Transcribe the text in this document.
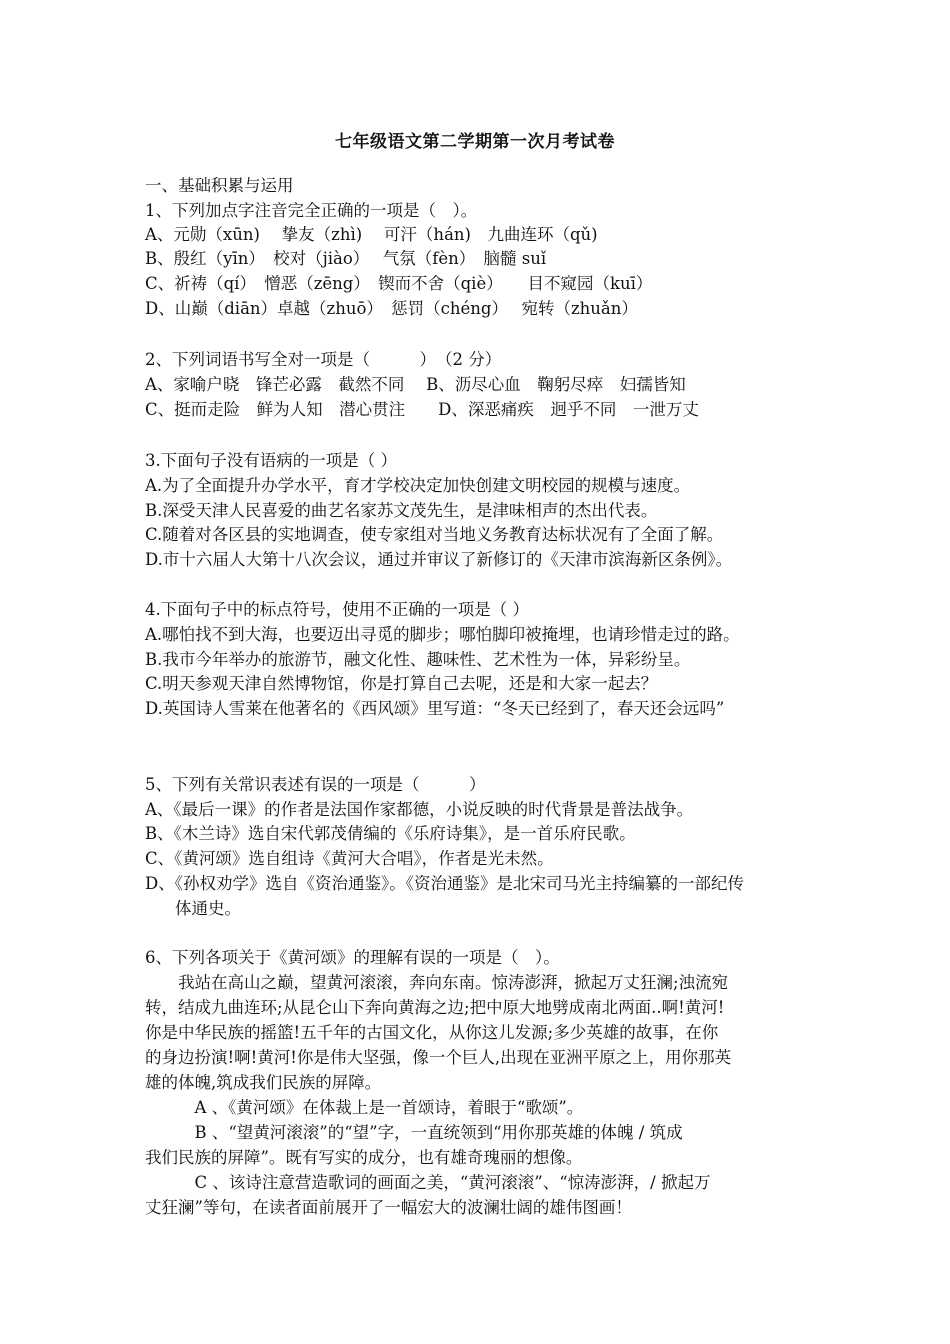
七年级语文第二学期第一次月考试卷
一、基础积累与运用
1、下列加点字注音完全正确的一项是（　）。
A、元勋（xūn)　 挚友（zhì)　 可汗（hán)　九曲连环（qǔ)
B、殷红（yīn）　校对（jiào）　 气氛（fèn）　脑髓 suǐ
C、祈祷（qí）　憎恶（zēng）　锲而不舍（qiè）　　目不窥园（kuī）
D、山巅（diān）卓越（zhuō）　惩罚（chéng）　 宛转（zhuǎn）
2、下列词语书写全对一项是（　　　）　（2 分）
A、家喻户晓　锋芒必露　截然不同　 B、沥尽心血　鞠躬尽瘁　妇孺皆知
C、挺而走险　鲜为人知　潜心贯注　　D、深恶痛疾　迥乎不同　一泄万丈
3.下面句子没有语病的一项是（ ）
A.为了全面提升办学水平，育才学校决定加快创建文明校园的规模与速度。
B.深受天津人民喜爱的曲艺名家苏文茂先生，是津味相声的杰出代表。
C.随着对各区县的实地调查，使专家组对当地义务教育达标状况有了全面了解。
D.市十六届人大第十八次会议，通过并审议了新修订的《天津市滨海新区条例》。
4.下面句子中的标点符号，使用不正确的一项是（ ）
A.哪怕找不到大海，也要迈出寻觅的脚步；哪怕脚印被掩埋，也请珍惜走过的路。
B.我市今年举办的旅游节，融文化性、趣味性、艺术性为一体，异彩纷呈。
C.明天参观天津自然博物馆，你是打算自己去呢，还是和大家一起去？
D.英国诗人雪莱在他著名的《西风颂》里写道：“冬天已经到了，春天还会远吗”
5、下列有关常识表述有误的一项是（　　　）
A、《最后一课》的作者是法国作家都德，小说反映的时代背景是普法战争。
B、《木兰诗》选自宋代郭茂倩编的《乐府诗集》，是一首乐府民歌。
C、《黄河颂》选自组诗《黄河大合唱》，作者是光未然。
D、《孙权劝学》选自《资治通鉴》。《资治通鉴》是北宋司马光主持编纂的一部纪传
体通史。
6、下列各项关于《黄河颂》的理解有误的一项是（　）。
　　我站在高山之巅，望黄河滚滚，奔向东南。惊涛澎湃，掀起万丈狂澜;浊流宛
转，结成九曲连环;从昆仑山下奔向黄海之边;把中原大地劈成南北两面..啊!黄河!
你是中华民族的摇篮!五千年的古国文化，从你这儿发源;多少英雄的故事，在你
的身边扮演!啊!黄河!你是伟大坚强，像一个巨人,出现在亚洲平原之上，用你那英
雄的体魄,筑成我们民族的屏障。
　　　A 、《黄河颂》在体裁上是一首颂诗，着眼于“歌颂”。
　　　B 、“望黄河滚滚”的“望”字，一直统领到“用你那英雄的体魄 / 筑成
我们民族的屏障”。既有写实的成分，也有雄奇瑰丽的想像。
　　　C 、该诗注意营造歌词的画面之美，“黄河滚滚”、“惊涛澎湃，/ 掀起万
丈狂澜”等句，在读者面前展开了一幅宏大的波澜壮阔的雄伟图画！
